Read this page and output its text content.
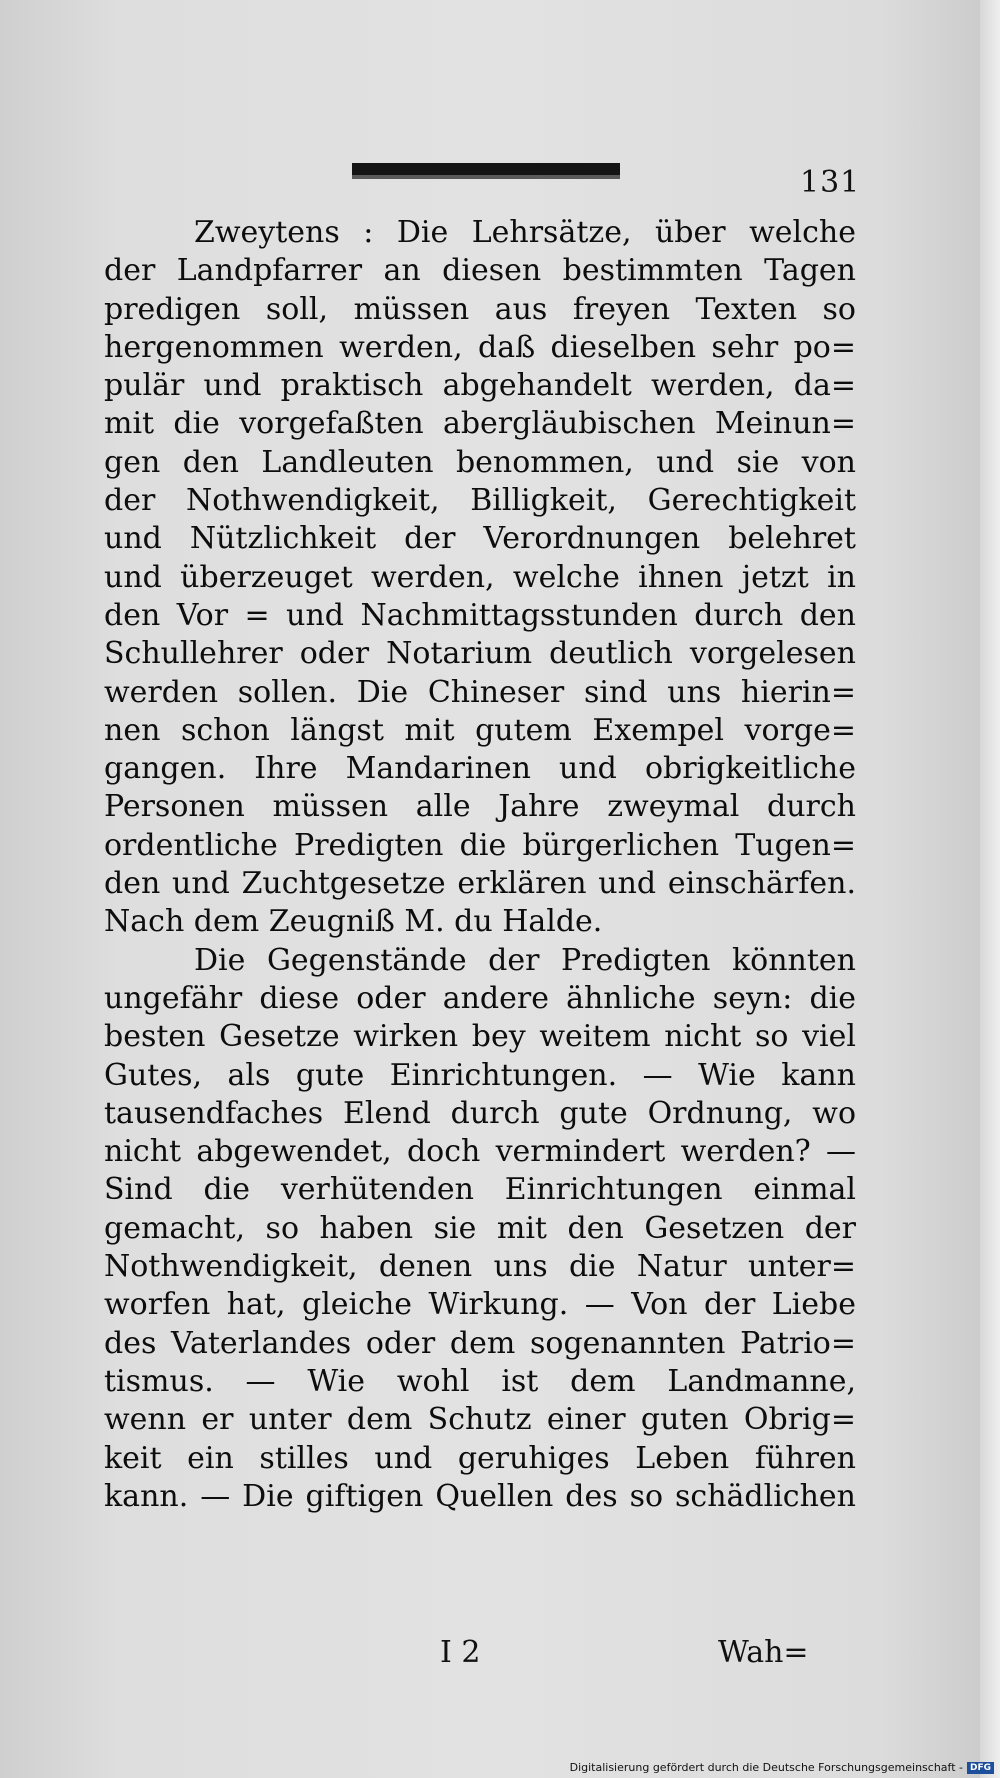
131
Zweytens : Die Lehrsätze, über welche
der Landpfarrer an diesen bestimmten Tagen
predigen soll, müssen aus freyen Texten so
hergenommen werden, daß dieselben sehr po=
pulär und praktisch abgehandelt werden, da=
mit die vorgefaßten abergläubischen Meinun=
gen den Landleuten benommen, und sie von
der Nothwendigkeit, Billigkeit, Gerechtigkeit
und Nützlichkeit der Verordnungen belehret
und überzeuget werden, welche ihnen jetzt in
den Vor = und Nachmittagsstunden durch den
Schullehrer oder Notarium deutlich vorgelesen
werden sollen. Die Chineser sind uns hierin=
nen schon längst mit gutem Exempel vorge=
gangen. Ihre Mandarinen und obrigkeitliche
Personen müssen alle Jahre zweymal durch
ordentliche Predigten die bürgerlichen Tugen=
den und Zuchtgesetze erklären und einschärfen.
Nach dem Zeugniß M. du Halde.
Die Gegenstände der Predigten könnten
ungefähr diese oder andere ähnliche seyn: die
besten Gesetze wirken bey weitem nicht so viel
Gutes, als gute Einrichtungen. — Wie kann
tausendfaches Elend durch gute Ordnung, wo
nicht abgewendet, doch vermindert werden? —
Sind die verhütenden Einrichtungen einmal
gemacht, so haben sie mit den Gesetzen der
Nothwendigkeit, denen uns die Natur unter=
worfen hat, gleiche Wirkung. — Von der Liebe
des Vaterlandes oder dem sogenannten Patrio=
tismus. — Wie wohl ist dem Landmanne,
wenn er unter dem Schutz einer guten Obrig=
keit ein stilles und geruhiges Leben führen
kann. — Die giftigen Quellen des so schädlichen
I 2	Wah=
Digitalisierung gefördert durch die Deutsche Forschungsgemeinschaft - DFG
